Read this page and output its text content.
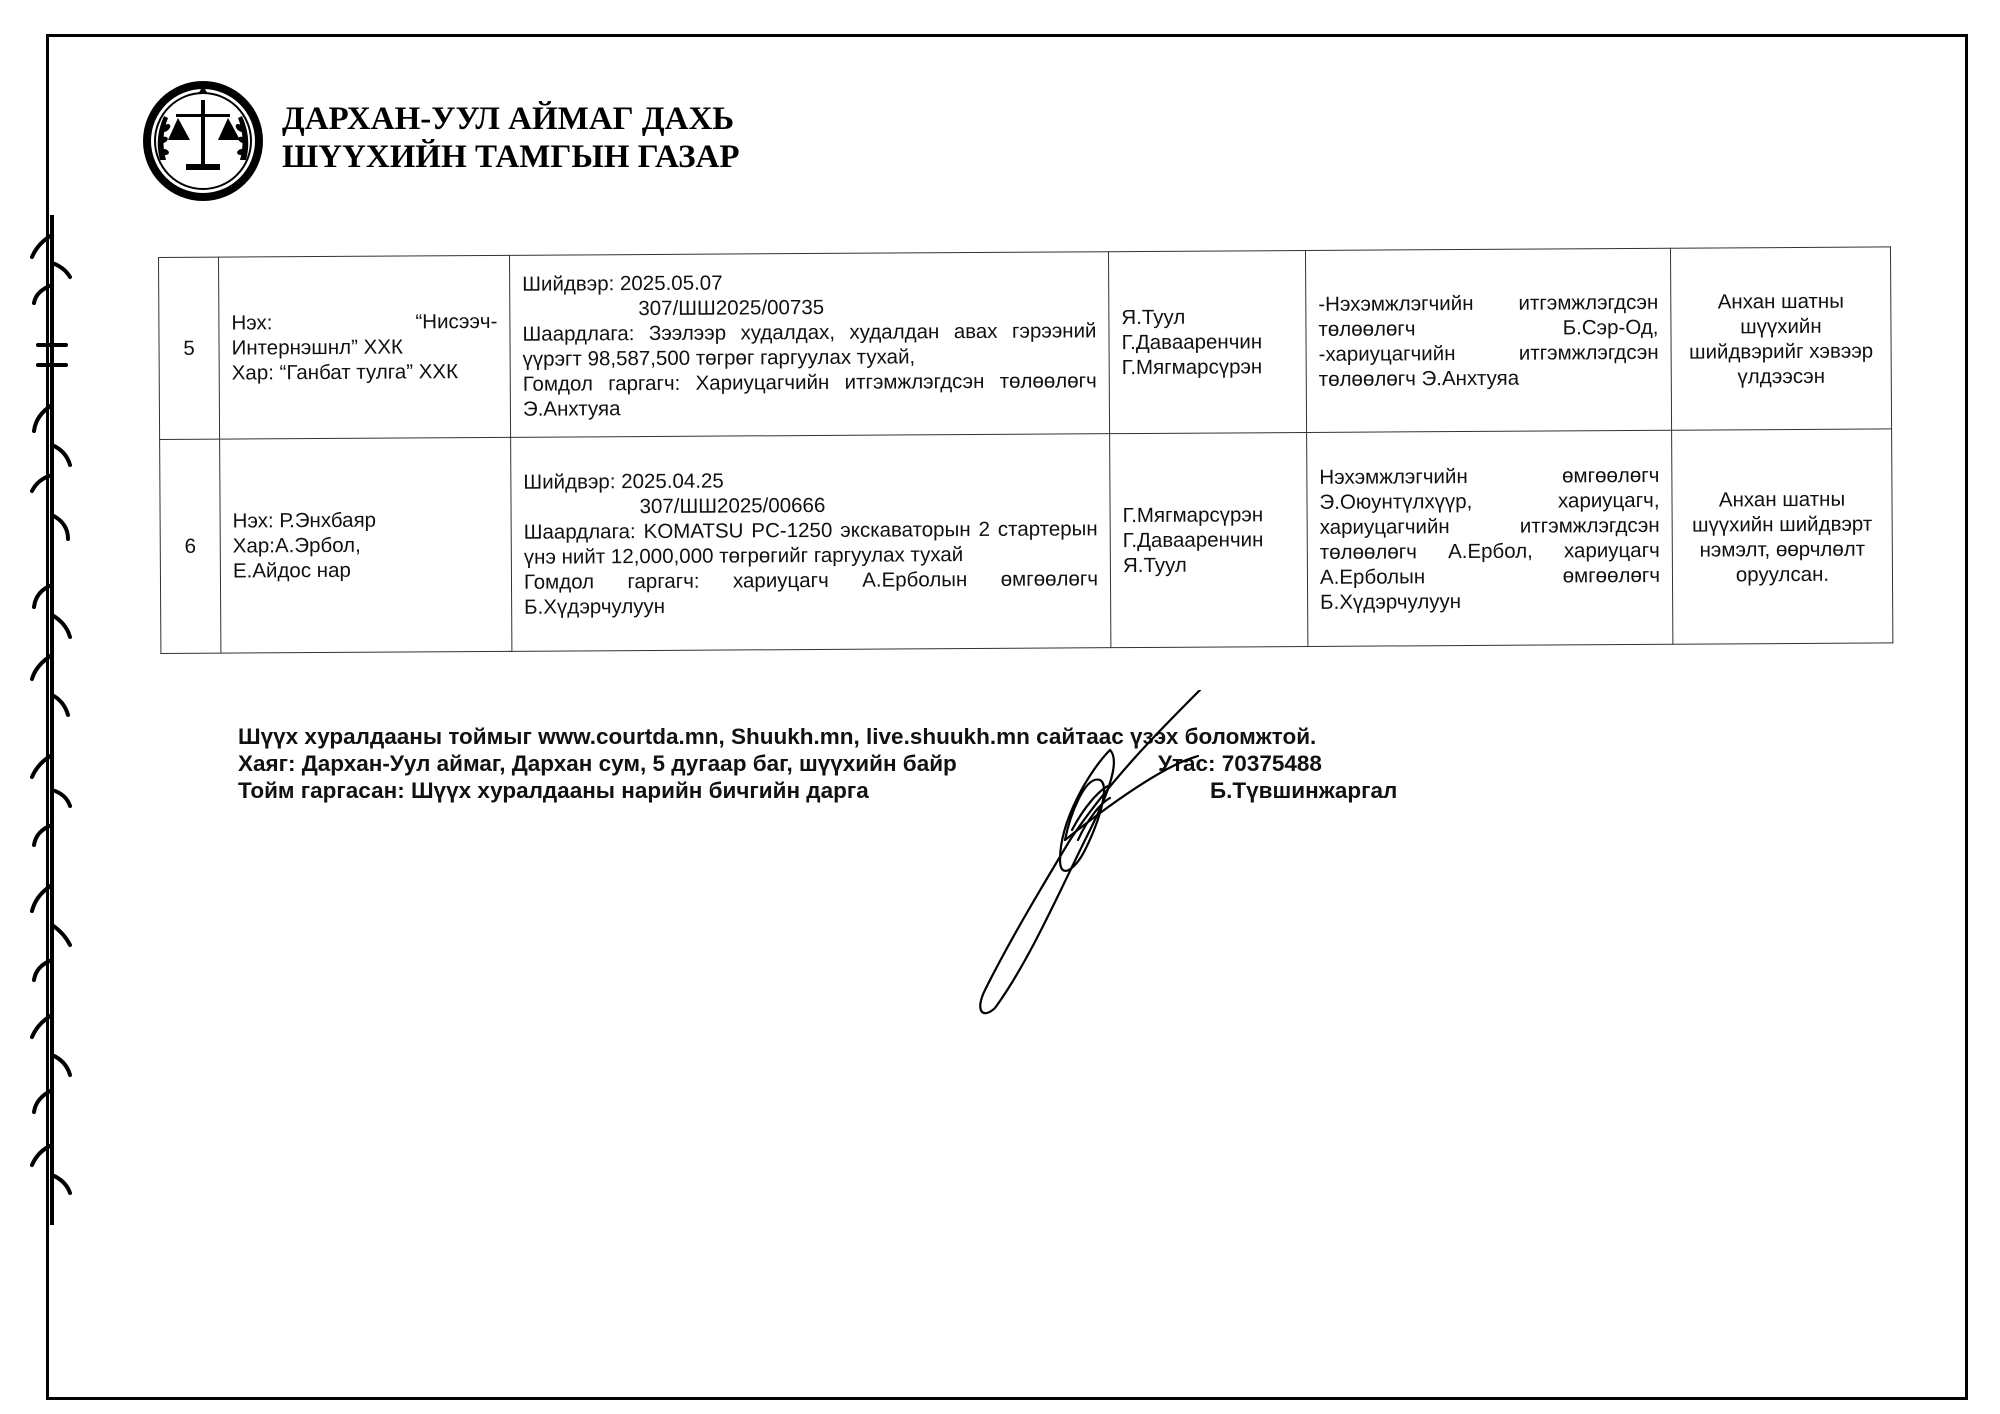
ДАРХАН-УУЛ АЙМАГ ДАХЬ
ШҮҮХИЙН ТАМГЫН ГАЗАР
5	Нэх: “Нисээч-
Интернэшнл” ХХК
Хар: “Ганбат тулга” ХХК	Шийдвэр: 2025.05.07
307/ШШ2025/00735
Шаардлага: Зээлээр худалдах, худалдан авах гэрээний үүрэгт 98,587,500 төгрөг гаргуулах тухай,
Гомдол гаргагч: Хариуцагчийн итгэмжлэгдсэн төлөөлөгч Э.Анхтуяа	Я.Туул
Г.Давааренчин
Г.Мягмарсүрэн	-Нэхэмжлэгчийн итгэмжлэгдсэн төлөөлөгч Б.Сэр-Од, -хариуцагчийн итгэмжлэгдсэн төлөөлөгч Э.Анхтуяа	Анхан шатны шүүхийн шийдвэрийг хэвээр үлдээсэн
6	Нэх: Р.Энхбаяр
Хар:А.Эрбол,
Е.Айдос нар	Шийдвэр: 2025.04.25
307/ШШ2025/00666
Шаардлага: KOMATSU PC-1250 экскаваторын 2 стартерын үнэ нийт 12,000,000 төгрөгийг гаргуулах тухай
Гомдол гаргагч: хариуцагч А.Ерболын өмгөөлөгч Б.Хүдэрчулуун	Г.Мягмарсүрэн
Г.Давааренчин
Я.Туул	Нэхэмжлэгчийн өмгөөлөгч Э.Оюунтүлхүүр, хариуцагч, хариуцагчийн итгэмжлэгдсэн төлөөлөгч А.Ербол, хариуцагч А.Ерболын өмгөөлөгч Б.Хүдэрчулуун	Анхан шатны шүүхийн шийдвэрт нэмэлт, өөрчлөлт оруулсан.
Шүүх хуралдааны тоймыг www.courtda.mn, Shuukh.mn, live.shuukh.mn сайтаас үзэх боломжтой.
Хаяг: Дархан-Уул аймаг, Дархан сум, 5 дугаар баг, шүүхийн байр	Утас: 70375488
Тойм гаргасан: Шүүх хуралдааны нарийн бичгийн дарга	Б.Түвшинжаргал
